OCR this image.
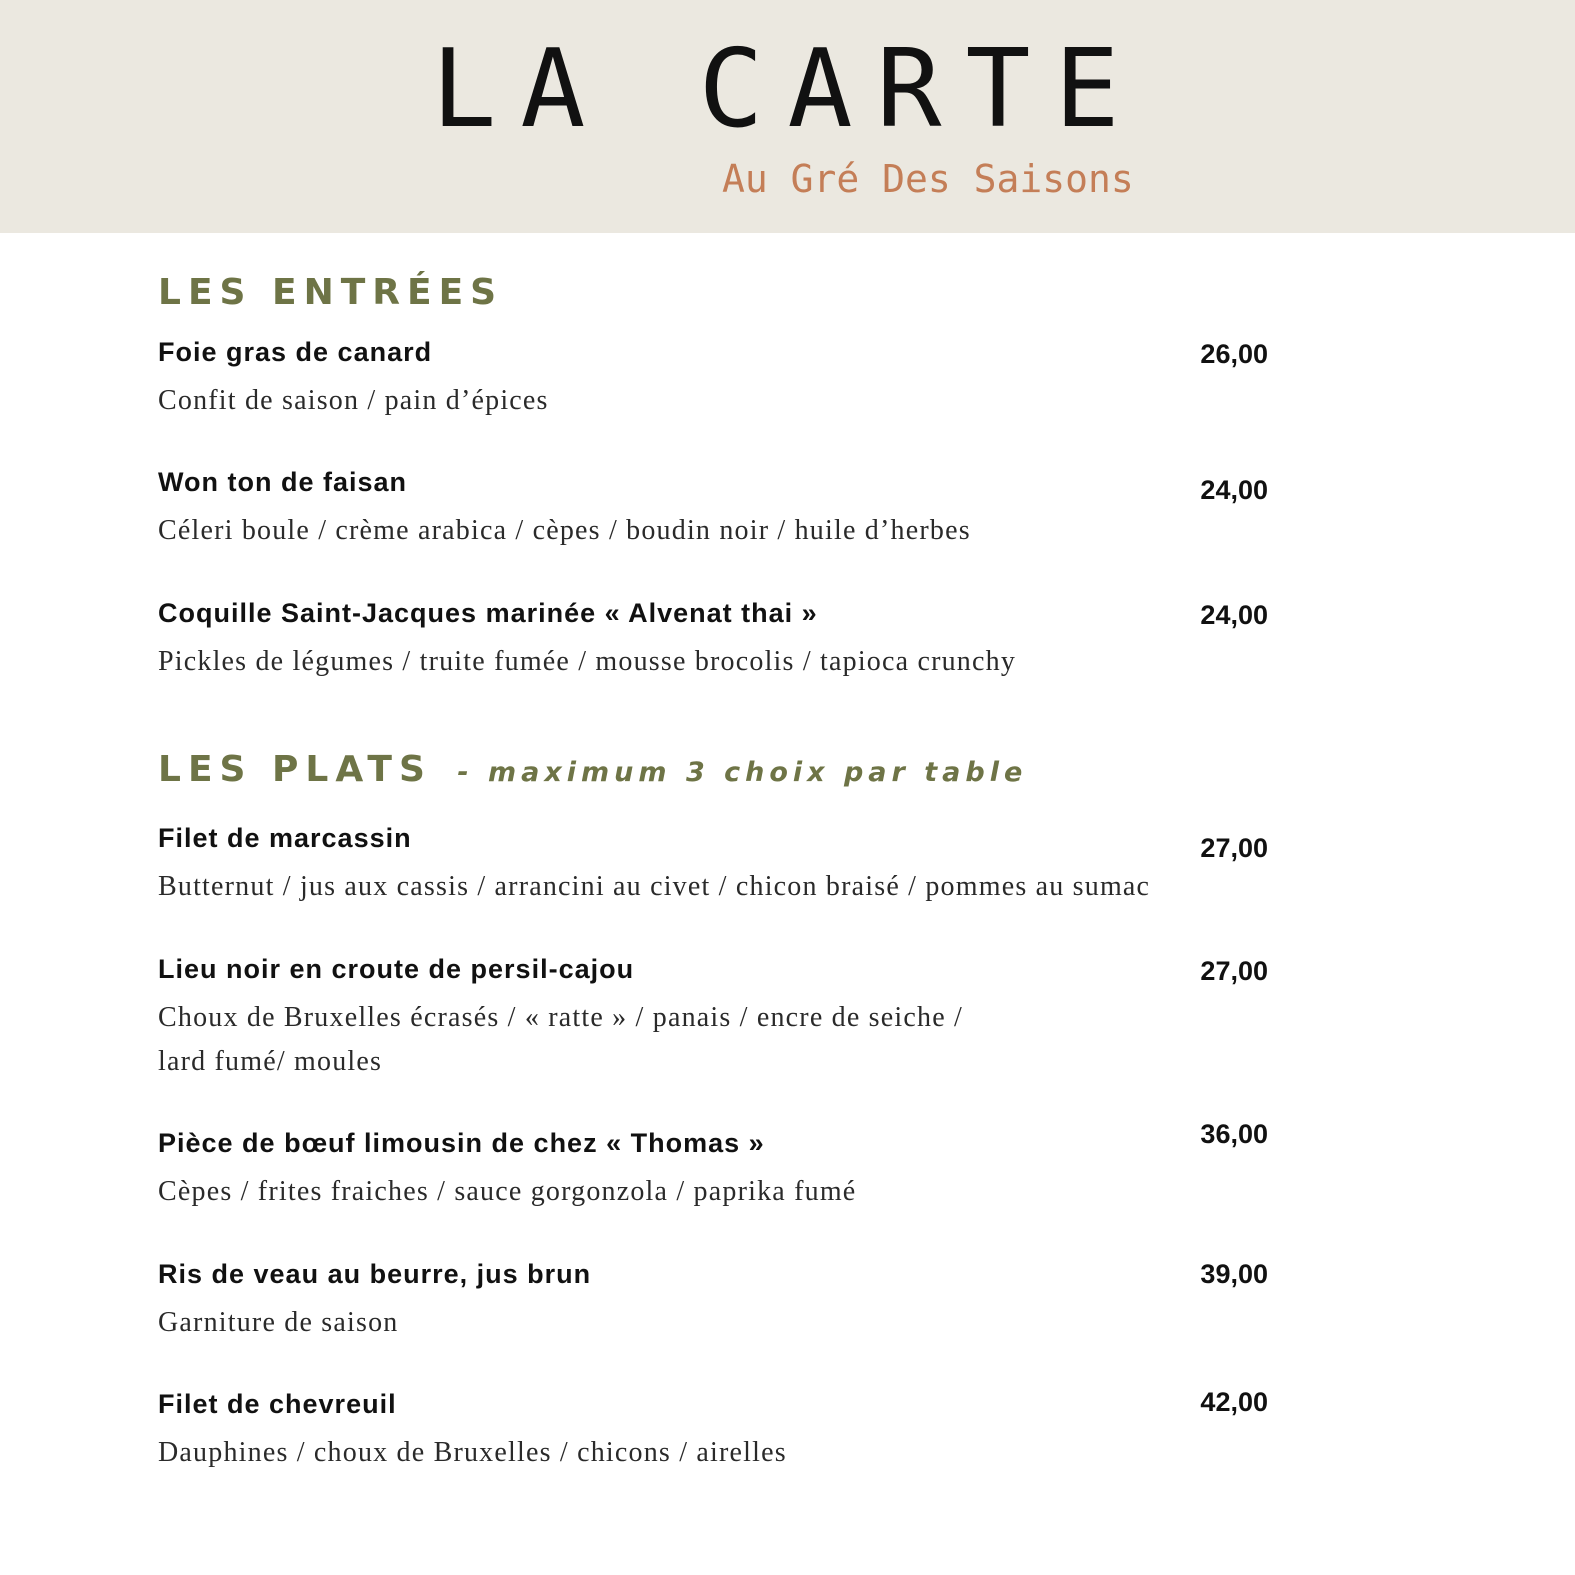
LA CARTE
Au Gré Des Saisons
LES ENTRÉES
Foie gras de canard	26,00
Confit de saison / pain d’épices
Won ton de faisan	24,00
Céleri boule / crème arabica / cèpes / boudin noir / huile d’herbes
Coquille Saint-Jacques marinée « Alvenat thai »	24,00
Pickles de légumes / truite fumée / mousse brocolis / tapioca crunchy
LES PLATS - maximum 3 choix par table
Filet de marcassin	27,00
Butternut / jus aux cassis / arrancini au civet / chicon braisé / pommes au sumac
Lieu noir en croute de persil-cajou	27,00
Choux de Bruxelles écrasés / « ratte » / panais / encre de seiche /
lard fumé/ moules
Pièce de bœuf limousin de chez « Thomas »	36,00
Cèpes / frites fraiches / sauce gorgonzola / paprika fumé
Ris de veau au beurre, jus brun	39,00
Garniture de saison
Filet de chevreuil	42,00
Dauphines / choux de Bruxelles / chicons / airelles
